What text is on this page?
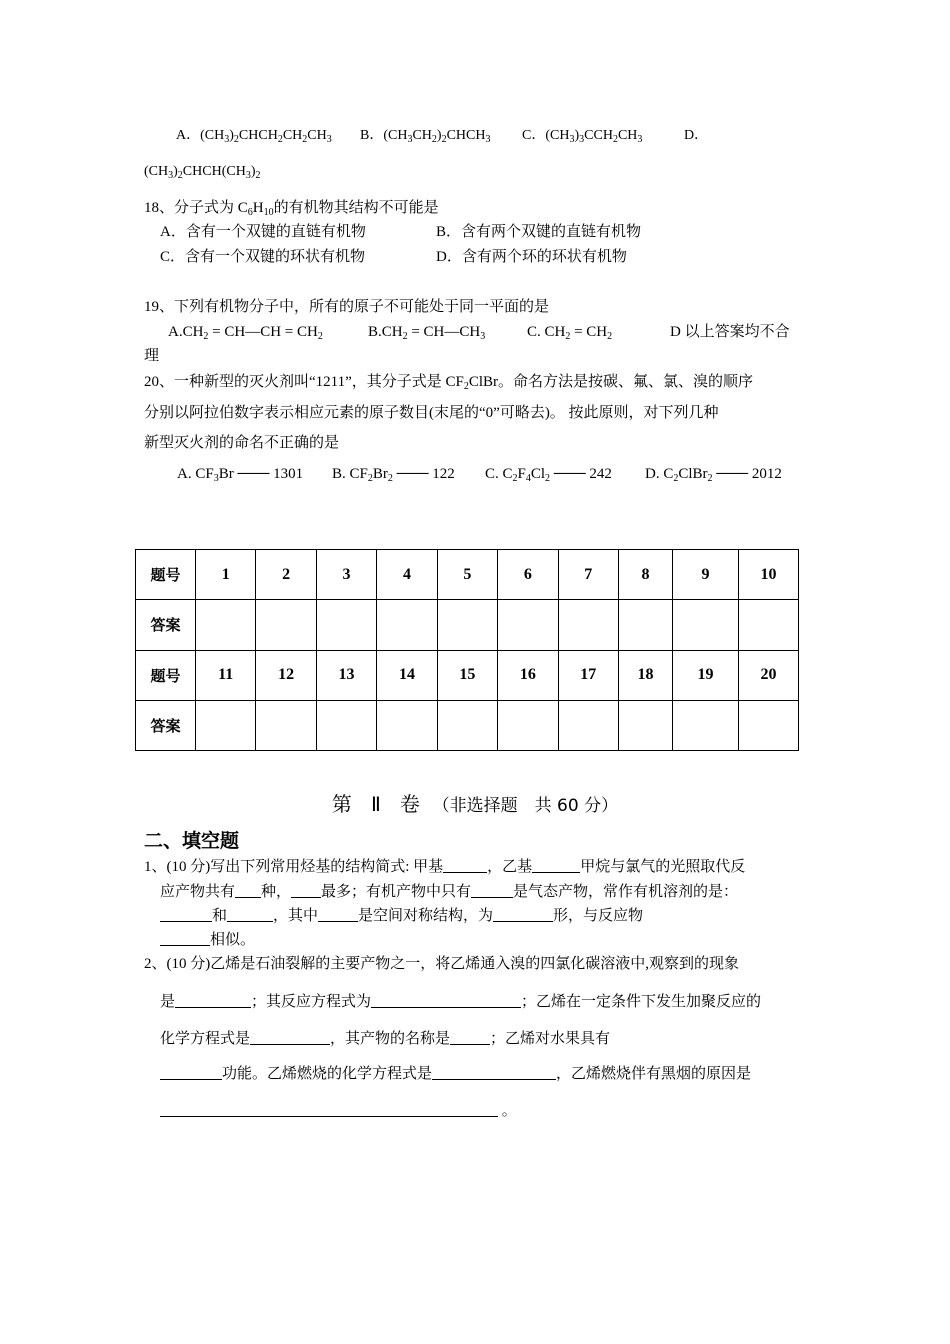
A．$(CH_3)_2CHCH_2CH_2CH_3$ B．$(CH_3CH_2)_2CHCH_3$ C．$(CH_3)_3CCH_2CH_3$	D．
$(CH_3)_2CHCH(CH_3)_2$
18、分子式为 $C_6H_{10}$的有机物其结构不可能是
A．含有一个双键的直链有机物	B．含有两个双键的直链有机物
C．含有一个双键的环状有机物	D．含有两个环的环状有机物
19、下列有机物分子中，所有的原子不可能处于同一平面的是
$A.CH_2$ = CH—CH = $CH_2$	$B.CH_2$ = $CH—CH_3$	C. $CH_2 = CH_2$	D 以上答案均不合
理
20、一种新型的灭火剂叫“1211”，其分子式是 $CF_2ClBr$。命名方法是按碳、氟、氯、溴的顺序
分别以阿拉伯数字表示相应元素的原子数目(末尾的“0”可略去)。 按此原则，对下列几种
新型灭火剂的命名不正确的是
A. $CF_3Br$ ─── 1301 B. $CF_2Br_2$ ─── 122 C. $C_2F_4Cl_2$ ─── 242 D. $C_2ClBr_2$ ─── 2012
题号	1	2	3	4	5	6	7	8	9	10
答案										
题号	11	12	13	14	15	16	17	18	19	20
答案										
第 Ⅱ 卷 （非选择题　共 60 分）
二、填空题
1、(10 分)写出下列常用烃基的结构简式: 甲基	，乙基	甲烷与氯气的光照取代反
应产物共有 种， 最多；有机产物中只有	是气态产物，常作有机溶剂的是：
和	，其中	是空间对称结构，为	形，与反应物
相似。
2、(10 分)乙烯是石油裂解的主要产物之一，将乙烯通入溴的四氯化碳溶液中,观察到的现象
是	；其反应方程式为	；乙烯在一定条件下发生加聚反应的
化学方程式是	，其产物的名称是	；乙烯对水果具有
功能。乙烯燃烧的化学方程式是	，乙烯燃烧伴有黑烟的原因是
。
